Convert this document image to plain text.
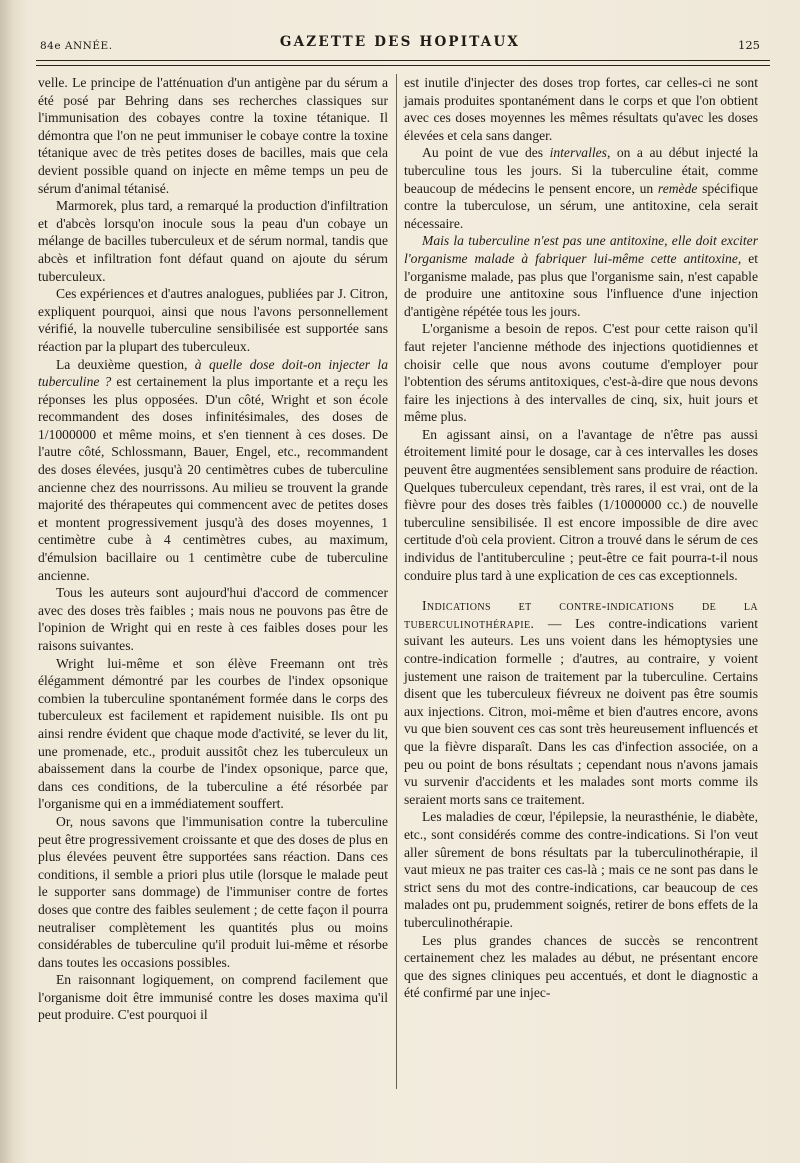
84e ANNÉE.	GAZETTE DES HOPITAUX	125

velle. Le principe de l'atténuation d'un antigène par du sérum a été posé par Behring dans ses recherches classiques sur l'immunisation des cobayes contre la toxine tétanique. Il démontra que l'on ne peut immuniser le cobaye contre la toxine tétanique avec de très petites doses de bacilles, mais que cela devient possible quand on injecte en même temps un peu de sérum d'animal tétanisé.

Marmorek, plus tard, a remarqué la production d'infiltration et d'abcès lorsqu'on inocule sous la peau d'un cobaye un mélange de bacilles tuberculeux et de sérum normal, tandis que abcès et infiltration font défaut quand on ajoute du sérum tuberculeux.

Ces expériences et d'autres analogues, publiées par J. Citron, expliquent pourquoi, ainsi que nous l'avons personnellement vérifié, la nouvelle tuberculine sensibilisée est supportée sans réaction par la plupart des tuberculeux.

La deuxième question, à quelle dose doit-on injecter la tuberculine ? est certainement la plus importante et a reçu les réponses les plus opposées. D'un côté, Wright et son école recommandent des doses infinitésimales, des doses de 1/1000000 et même moins, et s'en tiennent à ces doses. De l'autre côté, Schlossmann, Bauer, Engel, etc., recommandent des doses élevées, jusqu'à 20 centimètres cubes de tuberculine ancienne chez des nourrissons. Au milieu se trouvent la grande majorité des thérapeutes qui commencent avec de petites doses et montent progressivement jusqu'à des doses moyennes, 1 centimètre cube à 4 centimètres cubes, au maximum, d'émulsion bacillaire ou 1 centimètre cube de tuberculine ancienne.

Tous les auteurs sont aujourd'hui d'accord de commencer avec des doses très faibles ; mais nous ne pouvons pas être de l'opinion de Wright qui en reste à ces faibles doses pour les raisons suivantes.

Wright lui-même et son élève Freemann ont très élégamment démontré par les courbes de l'index opsonique combien la tuberculine spontanément formée dans le corps des tuberculeux est facilement et rapidement nuisible. Ils ont pu ainsi rendre évident que chaque mode d'activité, se lever du lit, une promenade, etc., produit aussitôt chez les tuberculeux un abaissement dans la courbe de l'index opsonique, parce que, dans ces conditions, de la tuberculine a été résorbée par l'organisme qui en a immédiatement souffert.

Or, nous savons que l'immunisation contre la tuberculine peut être progressivement croissante et que des doses de plus en plus élevées peuvent être supportées sans réaction. Dans ces conditions, il semble a priori plus utile (lorsque le malade peut le supporter sans dommage) de l'immuniser contre de fortes doses que contre des faibles seulement ; de cette façon il pourra neutraliser complètement les quantités plus ou moins considérables de tuberculine qu'il produit lui-même et résorbe dans toutes les occasions possibles.

En raisonnant logiquement, on comprend facilement que l'organisme doit être immunisé contre les doses maxima qu'il peut produire. C'est pourquoi il

est inutile d'injecter des doses trop fortes, car celles-ci ne sont jamais produites spontanément dans le corps et que l'on obtient avec ces doses moyennes les mêmes résultats qu'avec les doses élevées et cela sans danger.

Au point de vue des intervalles, on a au début injecté la tuberculine tous les jours. Si la tuberculine était, comme beaucoup de médecins le pensent encore, un remède spécifique contre la tuberculose, un sérum, une antitoxine, cela serait nécessaire.

Mais la tuberculine n'est pas une antitoxine, elle doit exciter l'organisme malade à fabriquer lui-même cette antitoxine, et l'organisme malade, pas plus que l'organisme sain, n'est capable de produire une antitoxine sous l'influence d'une injection d'antigène répétée tous les jours.

L'organisme a besoin de repos. C'est pour cette raison qu'il faut rejeter l'ancienne méthode des injections quotidiennes et choisir celle que nous avons coutume d'employer pour l'obtention des sérums antitoxiques, c'est-à-dire que nous devons faire les injections à des intervalles de cinq, six, huit jours et même plus.

En agissant ainsi, on a l'avantage de n'être pas aussi étroitement limité pour le dosage, car à ces intervalles les doses peuvent être augmentées sensiblement sans produire de réaction. Quelques tuberculeux cependant, très rares, il est vrai, ont de la fièvre pour des doses très faibles (1/1000000 cc.) de nouvelle tuberculine sensibilisée. Il est encore impossible de dire avec certitude d'où cela provient. Citron a trouvé dans le sérum de ces individus de l'antituberculine ; peut-être ce fait pourra-t-il nous conduire plus tard à une explication de ces cas exceptionnels.

Indications et contre-indications de la tuberculinothérapie. — Les contre-indications varient suivant les auteurs. Les uns voient dans les hémoptysies une contre-indication formelle ; d'autres, au contraire, y voient justement une raison de traitement par la tuberculine. Certains disent que les tuberculeux fiévreux ne doivent pas être soumis aux injections. Citron, moi-même et bien d'autres encore, avons vu que bien souvent ces cas sont très heureusement influencés et que la fièvre disparaît. Dans les cas d'infection associée, on a peu ou point de bons résultats ; cependant nous n'avons jamais vu survenir d'accidents et les malades sont morts comme ils seraient morts sans ce traitement.

Les maladies de cœur, l'épilepsie, la neurasthénie, le diabète, etc., sont considérés comme des contre-indications. Si l'on veut aller sûrement de bons résultats par la tuberculinothérapie, il vaut mieux ne pas traiter ces cas-là ; mais ce ne sont pas dans le strict sens du mot des contre-indications, car beaucoup de ces malades ont pu, prudemment soignés, retirer de bons effets de la tuberculinothérapie.

Les plus grandes chances de succès se rencontrent certainement chez les malades au début, ne présentant encore que des signes cliniques peu accentués, et dont le diagnostic a été confirmé par une injec-
